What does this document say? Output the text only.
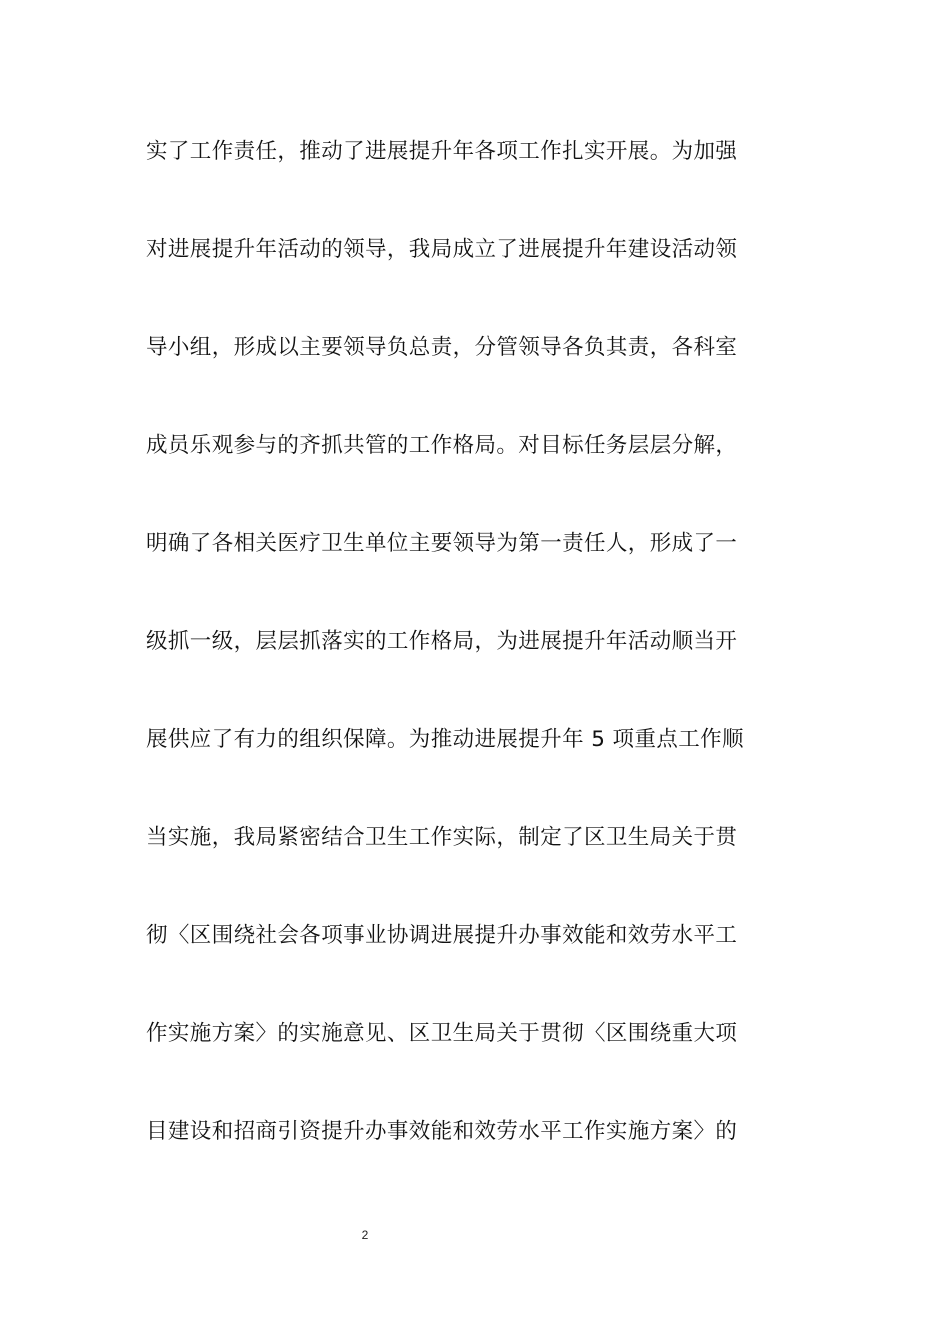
实了工作责任，推动了进展提升年各项工作扎实开展。为加强
对进展提升年活动的领导，我局成立了进展提升年建设活动领
导小组，形成以主要领导负总责，分管领导各负其责，各科室
成员乐观参与的齐抓共管的工作格局。对目标任务层层分解，
明确了各相关医疗卫生单位主要领导为第一责任人，形成了一
级抓一级，层层抓落实的工作格局，为进展提升年活动顺当开
展供应了有力的组织保障。为推动进展提升年 5 项重点工作顺
当实施，我局紧密结合卫生工作实际，制定了区卫生局关于贯
彻〈区围绕社会各项事业协调进展提升办事效能和效劳水平工
作实施方案〉的实施意见、区卫生局关于贯彻〈区围绕重大项
目建设和招商引资提升办事效能和效劳水平工作实施方案〉的
2
